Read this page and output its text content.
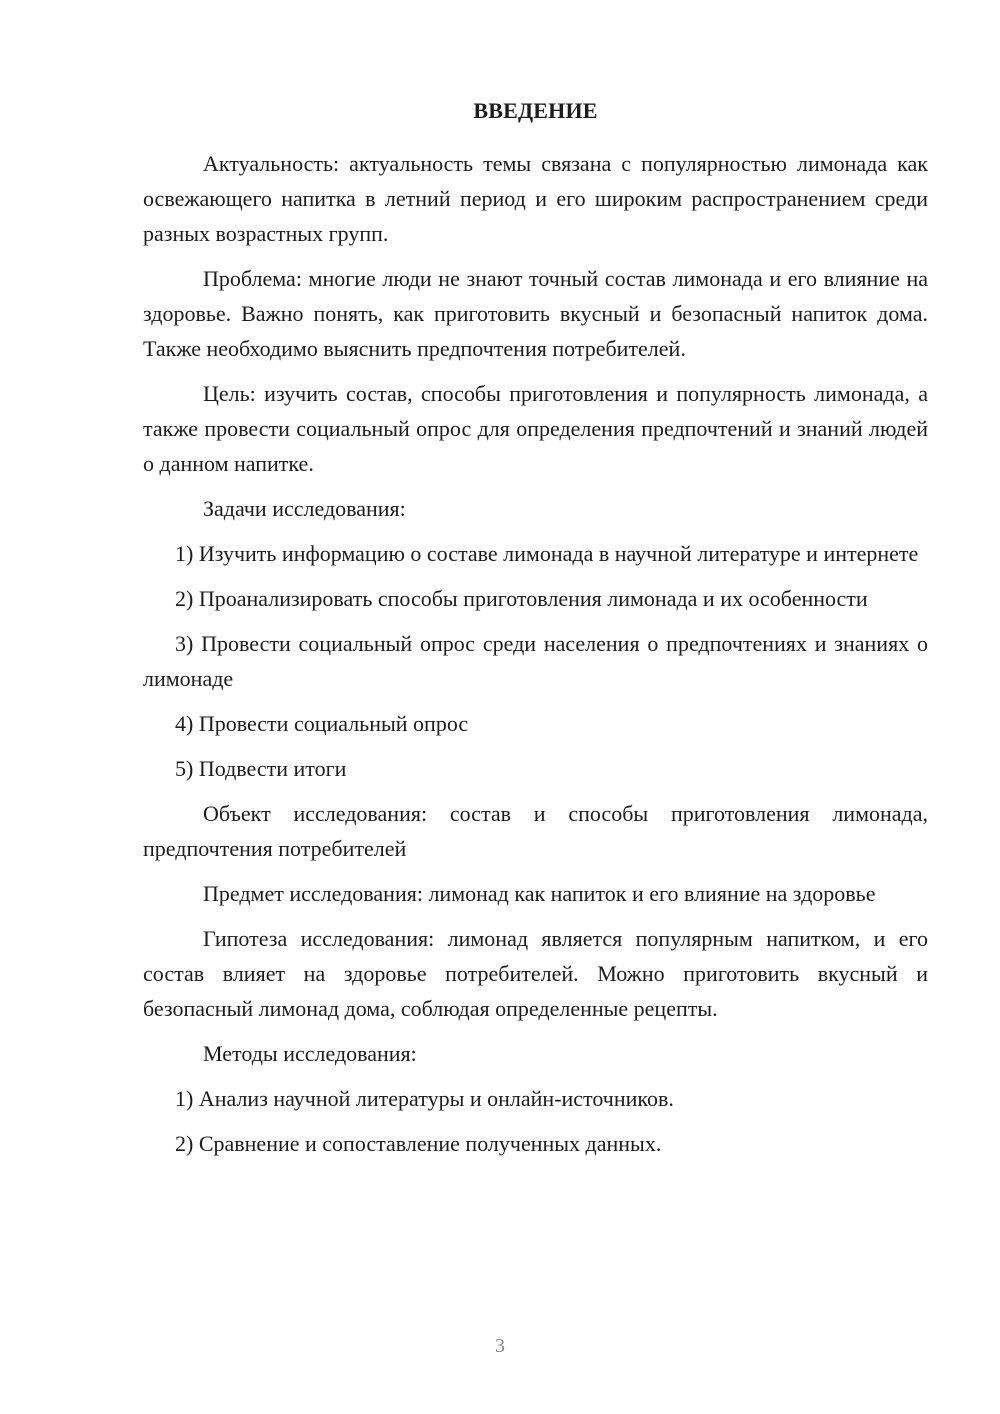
ВВЕДЕНИЕ

Актуальность: актуальность темы связана с популярностью лимонада как освежающего напитка в летний период и его широким распространением среди разных возрастных групп.

Проблема: многие люди не знают точный состав лимонада и его влияние на здоровье. Важно понять, как приготовить вкусный и безопасный напиток дома. Также необходимо выяснить предпочтения потребителей.

Цель: изучить состав, способы приготовления и популярность лимонада, а также провести социальный опрос для определения предпочтений и знаний людей о данном напитке.

Задачи исследования:

1) Изучить информацию о составе лимонада в научной литературе и интернете

2) Проанализировать способы приготовления лимонада и их особенности

3) Провести социальный опрос среди населения о предпочтениях и знаниях о лимонаде

4) Провести социальный опрос

5) Подвести итоги

Объект исследования: состав и способы приготовления лимонада, предпочтения потребителей

Предмет исследования: лимонад как напиток и его влияние на здоровье

Гипотеза исследования: лимонад является популярным напитком, и его состав влияет на здоровье потребителей. Можно приготовить вкусный и безопасный лимонад дома, соблюдая определенные рецепты.

Методы исследования:

1) Анализ научной литературы и онлайн-источников.

2) Сравнение и сопоставление полученных данных.

3
